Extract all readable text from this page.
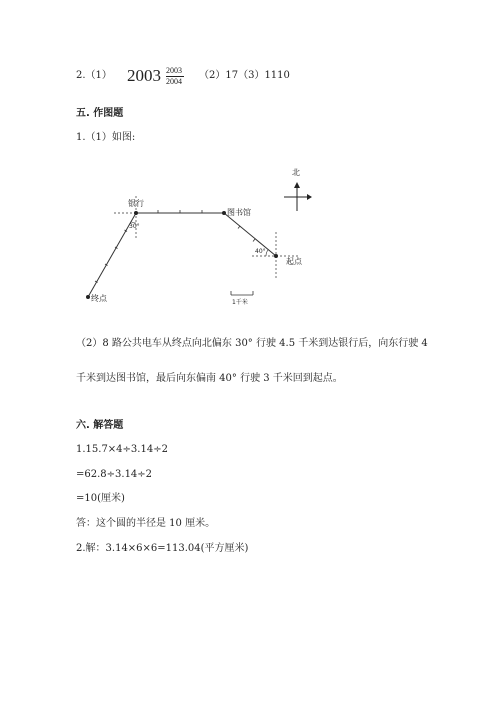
2.（1） 2003 2003
2004
（2）17（3）1110
五. 作图题
1.（1）如图:
北
银行
图书馆
起点
终点
30°
40°
1千米
（2）8 路公共电车从终点向北偏东 30° 行驶 4.5 千米到达银行后，向东行驶 4
千米到达图书馆，最后向东偏南 40° 行驶 3 千米回到起点。
六. 解答题
1.15.7×4÷3.14÷2
=62.8÷3.14÷2
=10(厘米)
答：这个圆的半径是 10 厘米。
2.解：3.14×6×6=113.04(平方厘米)
